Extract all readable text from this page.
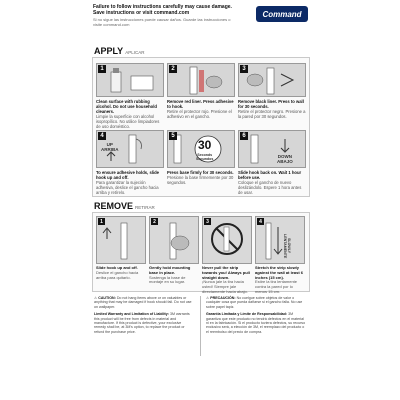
Failure to follow instructions carefully may cause damage. Save instructions or visit command.com
Si no sigue las instrucciones puede causar daños. Guarde las instrucciones o visite command.com
Command
APPLY APLICAR
1
Clean surface with rubbing alcohol. Do not use household cleaners.
Limpie la superficie con alcohol isopropílico. No utilice limpiadores de uso doméstico.
2
Remove red liner. Press adhesive to hook.
Retire el protector rojo. Presione el adhesivo en el gancho.
3
Remove black liner. Press to wall for 30 seconds.
Retire el protector negro. Presione a la pared por 30 segundos.
4
UP
ARRIBA
To ensure adhesive holds, slide hook up and off.
Para garantizar la sujeción adhesiva, deslice el gancho hacia arriba y retírelo.
5
30
Seconds
Segundos
Press base firmly for 30 seconds.
Presione la base firmemente por 30 segundos.
6
DOWN
ABAJO
Slide hook back on. Wait 1 hour before use.
Coloque el gancho de nuevo deslizándolo. Espere 1 hora antes de usar.
REMOVE RETIRAR
1
Slide hook up and off.
Deslice el gancho hacia arriba para quitarlo.
2
Gently hold mounting base in place.
Sostenga la base de montaje en su lugar.
3
Never pull the strip towards you! Always pull straight down.
¡Nunca jale la tira hacia usted! Siempre jale directamente hacia abajo.
4
SLOWLY LENTAMENTE
Stretch the strip slowly against the wall at least 6 inches (15 cm).
Estire la tira lentamente contra la pared por lo menos 15 cm.
⚠ CAUTION: Do not hang items above or on valuables or anything that may be damaged if hook should fail. Do not use on wallpaper.
Limited Warranty and Limitation of Liability: 3M warrants this product will be free from defects in material and manufacture. If this product is defective, your exclusive remedy shall be, at 3M's option, to replace the product or refund the purchase price.
⚠ PRECAUCIÓN: No cuelgue sobre objetos de valor o cualquier cosa que pueda dañarse si el gancho falla. No use sobre papel tapiz.
Garantía Limitada y Límite de Responsabilidad: 3M garantiza que este producto no tendrá defectos en el material ni en la fabricación. Si el producto tuviera defectos, su recurso exclusivo será, a elección de 3M, el reemplazo del producto o el reembolso del precio de compra.
